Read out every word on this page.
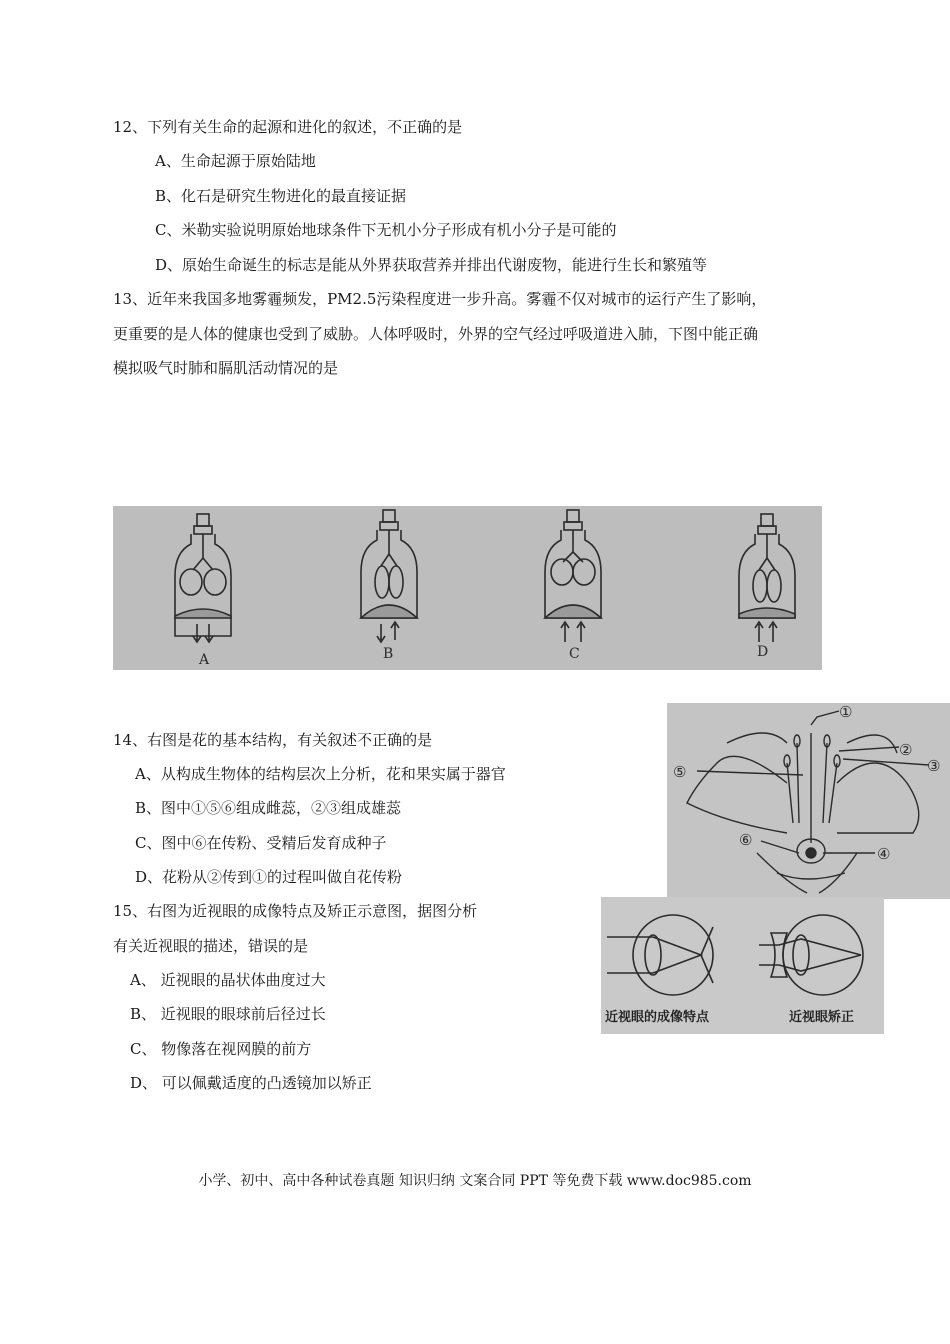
12、下列有关生命的起源和进化的叙述，不正确的是
A、生命起源于原始陆地
B、化石是研究生物进化的最直接证据
C、米勒实验说明原始地球条件下无机小分子形成有机小分子是可能的
D、原始生命诞生的标志是能从外界获取营养并排出代谢废物，能进行生长和繁殖等
13、近年来我国多地雾霾频发，PM2.5污染程度进一步升高。雾霾不仅对城市的运行产生了影响，
更重要的是人体的健康也受到了威胁。人体呼吸时，外界的空气经过呼吸道进入肺，下图中能正确
模拟吸气时肺和膈肌活动情况的是
A	B	C	D
14、右图是花的基本结构，有关叙述不正确的是
A、从构成生物体的结构层次上分析，花和果实属于器官
B、图中①⑤⑥组成雌蕊，②③组成雄蕊
C、图中⑥在传粉、受精后发育成种子
D、花粉从②传到①的过程叫做自花传粉
①
②
③
④
⑤
⑥
15、右图为近视眼的成像特点及矫正示意图，据图分析
有关近视眼的描述，错误的是
A、 近视眼的晶状体曲度过大
B、 近视眼的眼球前后径过长
C、 物像落在视网膜的前方
D、 可以佩戴适度的凸透镜加以矫正
近视眼的成像特点	近视眼矫正
小学、初中、高中各种试卷真题 知识归纳 文案合同 PPT 等免费下载 www.doc985.com
